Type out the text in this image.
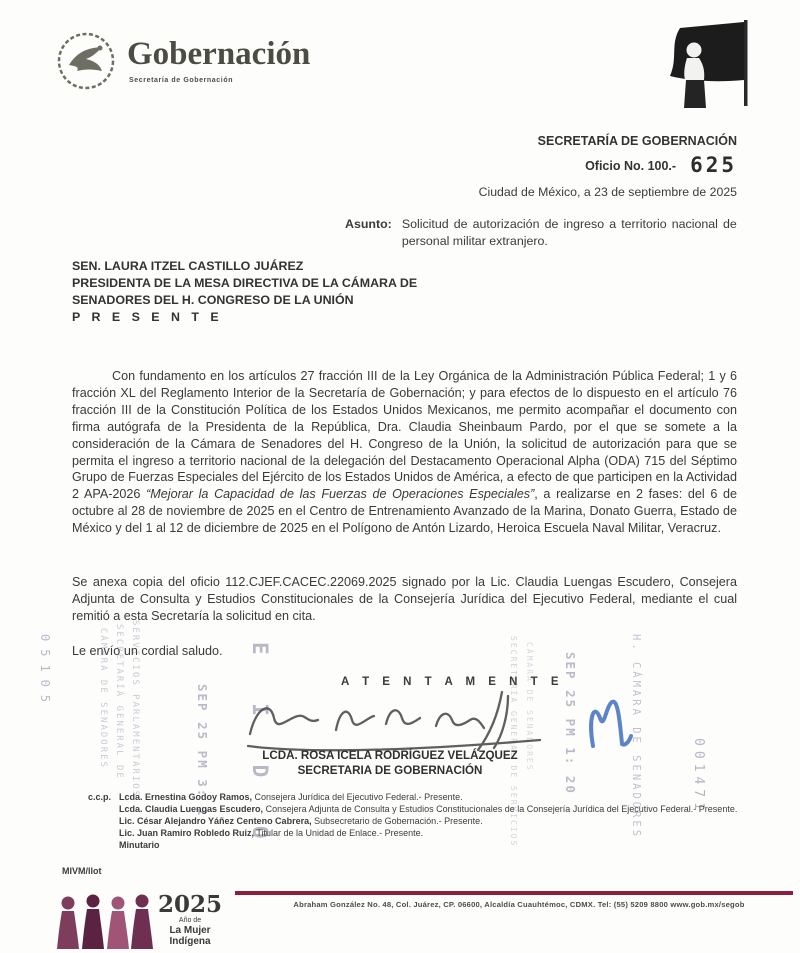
Gobernación
Secretaría de Gobernación
SECRETARÍA DE GOBERNACIÓN
Oficio No. 100.- 625
Ciudad de México, a 23 de septiembre de 2025
Asunto: Solicitud de autorización de ingreso a territorio nacional de personal militar extranjero.
SEN. LAURA ITZEL CASTILLO JUÁREZ
PRESIDENTA DE LA MESA DIRECTIVA DE LA CÁMARA DE
SENADORES DEL H. CONGRESO DE LA UNIÓN
P R E S E N T E
Con fundamento en los artículos 27 fracción III de la Ley Orgánica de la Administración Pública Federal; 1 y 6 fracción XL del Reglamento Interior de la Secretaría de Gobernación; y para efectos de lo dispuesto en el artículo 76 fracción III de la Constitución Política de los Estados Unidos Mexicanos, me permito acompañar el documento con firma autógrafa de la Presidenta de la República, Dra. Claudia Sheinbaum Pardo, por el que se somete a la consideración de la Cámara de Senadores del H. Congreso de la Unión, la solicitud de autorización para que se permita el ingreso a territorio nacional de la delegación del Destacamento Operacional Alpha (ODA) 715 del Séptimo Grupo de Fuerzas Especiales del Ejército de los Estados Unidos de América, a efecto de que participen en la Actividad 2 APA-2026 “Mejorar la Capacidad de las Fuerzas de Operaciones Especiales”, a realizarse en 2 fases: del 6 de octubre al 28 de noviembre de 2025 en el Centro de Entrenamiento Avanzado de la Marina, Donato Guerra, Estado de México y del 1 al 12 de diciembre de 2025 en el Polígono de Antón Lizardo, Heroica Escuela Naval Militar, Veracruz.
Se anexa copia del oficio 112.CJEF.CACEC.22069.2025 signado por la Lic. Claudia Luengas Escudero, Consejera Adjunta de Consulta y Estudios Constitucionales de la Consejería Jurídica del Ejecutivo Federal, mediante el cual remitió a esta Secretaría la solicitud en cita.
Le envío un cordial saludo.
05105	CÁMARA DE SENADORES SECRETARÍA GENERAL DE SERVICIOS PARLAMENTARIOS	SEP 25 PM 3: 1 E I D O	SECRETARÍA GENERAL DE SERVICIOS CÁMARA DE SENADORES SEP 25 PM 1: 20	H. CÁMARA DE SENADORES	001471
A T E N T A M E N T E
LCDA. ROSA ICELA RODRÍGUEZ VELÁZQUEZ
SECRETARIA DE GOBERNACIÓN
c.c.p. Lcda. Ernestina Godoy Ramos, Consejera Jurídica del Ejecutivo Federal.- Presente.
Lcda. Claudia Luengas Escudero, Consejera Adjunta de Consulta y Estudios Constitucionales de la Consejería Jurídica del Ejecutivo Federal.- Presente.
Lic. César Alejandro Yáñez Centeno Cabrera, Subsecretario de Gobernación.- Presente.
Lic. Juan Ramiro Robledo Ruiz, Titular de la Unidad de Enlace.- Presente.
Minutario
MIVM/llot
2025
Año de
La Mujer
Indígena
Abraham González No. 48, Col. Juárez, CP. 06600, Alcaldía Cuauhtémoc, CDMX. Tel: (55) 5209 8800 www.gob.mx/segob
